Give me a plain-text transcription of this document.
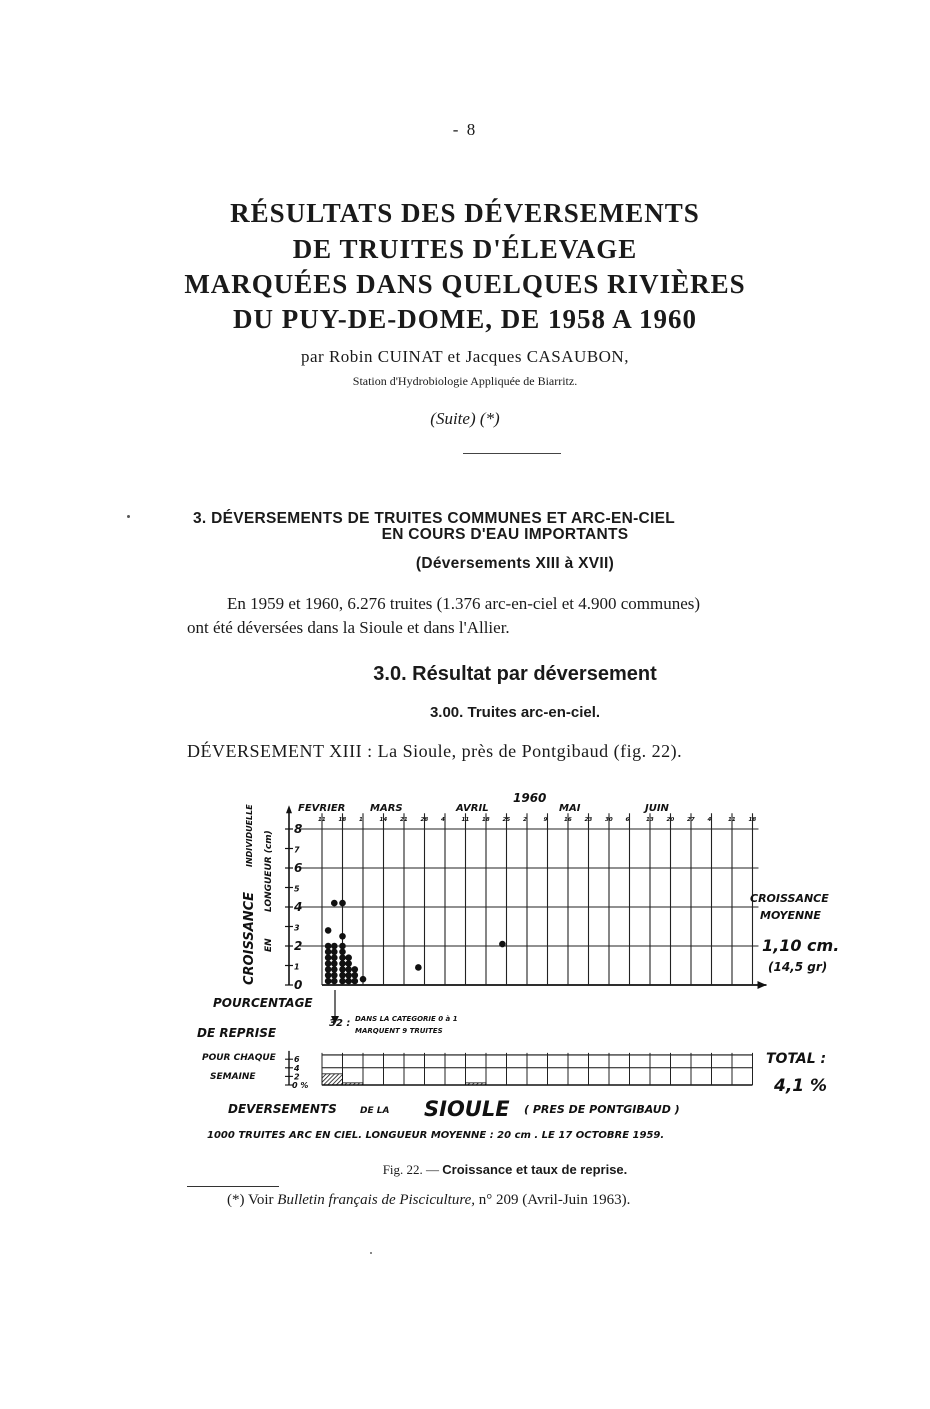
- 8
RÉSULTATS DES DÉVERSEMENTS
DE TRUITES D'ÉLEVAGE
MARQUÉES DANS QUELQUES RIVIÈRES
DU PUY-DE-DOME, DE 1958 A 1960
par Robin CUINAT et Jacques CASAUBON,
Station d'Hydrobiologie Appliquée de Biarritz.
(Suite) (*)
3. DÉVERSEMENTS DE TRUITES COMMUNES ET ARC-EN-CIEL
EN COURS D'EAU IMPORTANTS
(Déversements XIII à XVII)
En 1959 et 1960, 6.276 truites (1.376 arc-en-ciel et 4.900 communes)
ont été déversées dans la Sioule et dans l'Allier.
3.0. Résultat par déversement
3.00. Truites arc-en-ciel.
DÉVERSEMENT XIII : La Sioule, près de Pontgibaud (fig. 22).
11 18 1	14 21 28 4	11 18 25 2	9	16 23 30 6	13 20 27 4	11 18
0
1
2
3
4
5
6
7
8
0 %
2
4
6
1960
FEVRIER MARS	AVRIL	MAI	JUIN
CROISSANCE
INDIVIDUELLE
EN
LONGUEUR (cm)	CROISSANCE
MOYENNE
1,10 cm.
(14,5 gr)
POURCENTAGE
DE REPRISE
POUR CHAQUE
SEMAINE
32 : DANS LA CATEGORIE 0 à 1
MARQUENT 9 TRUITES
TOTAL :
4,1 %
DEVERSEMENTS	DE LA SIOULE ( PRES DE PONTGIBAUD )
1000 TRUITES ARC EN CIEL. LONGUEUR MOYENNE : 20 cm . LE 17 OCTOBRE 1959.
Fig. 22. — Croissance et taux de reprise.
(*) Voir Bulletin français de Pisciculture, n° 209 (Avril-Juin 1963).
